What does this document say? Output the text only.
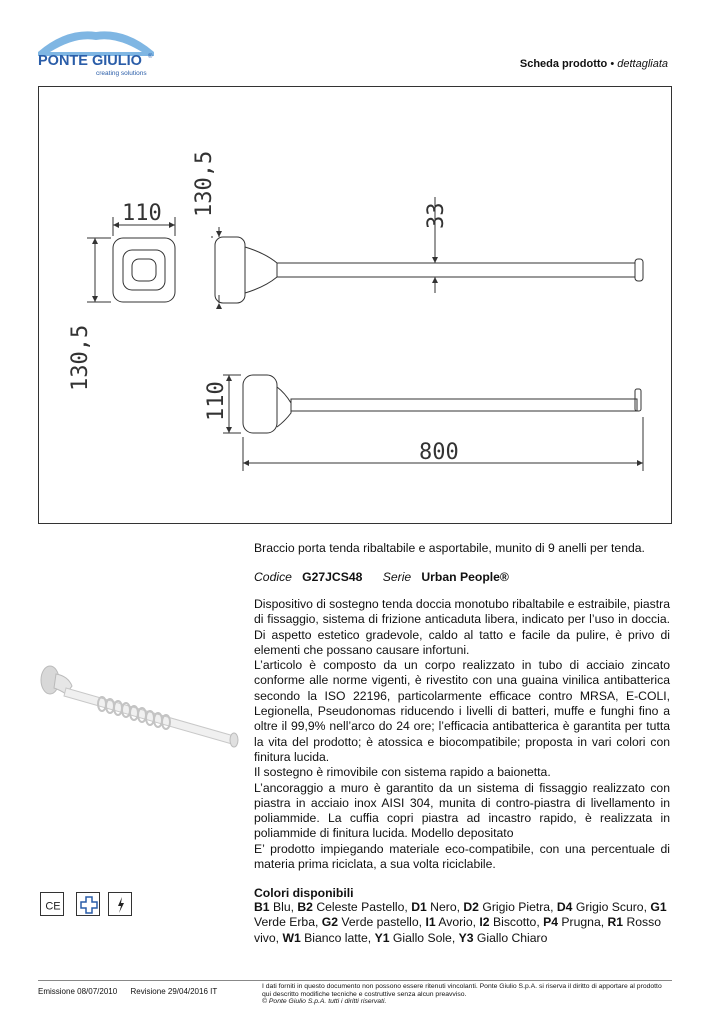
PONTE GIULIO ®
creating solutions
Scheda prodotto • dettagliata
110 130,5	33
130,5
110
800
Braccio porta tenda ribaltabile e asportabile, munito di 9 anelli per tenda.
Codice G27JCS48 Serie Urban People®

Dispositivo di sostegno tenda doccia monotubo ribaltabile e estraibile, piastra di fissaggio, sistema di frizione anticaduta libera, indicato per l’uso in doccia. Di aspetto estetico gradevole, caldo al tatto e facile da pulire, è privo di elementi che possano causare infortuni.

L’articolo è composto da un corpo realizzato in tubo di acciaio zincato conforme alle norme vigenti, è rivestito con una guaina vinilica antibatterica secondo la ISO 22196, particolarmente efficace contro MRSA, E-COLI, Legionella, Pseudonomas riducendo i livelli di batteri, muffe e funghi fino a oltre il 99,9% nell’arco do 24 ore; l’efficacia antibatterica è garantita per tutta la vita del prodotto; è atossica e biocompatibile; proposta in vari colori con finitura lucida.

Il sostegno è rimovibile con sistema rapido a baionetta.

L’ancoraggio a muro è garantito da un sistema di fissaggio realizzato con piastra in acciaio inox AISI 304, munita di contro-piastra di livellamento in poliammide. La cuffia copri piastra ad incastro rapido, è realizzata in poliammide di finitura lucida. Modello depositato

E’ prodotto impiegando materiale eco-compatibile, con una percentuale di materia prima riciclata, a sua volta riciclabile.

Colori disponibili
B1 Blu, B2 Celeste Pastello, D1 Nero, D2 Grigio Pietra, D4 Grigio Scuro, G1 Verde Erba, G2 Verde pastello, I1 Avorio, I2 Biscotto, P4 Prugna, R1 Rosso vivo, W1 Bianco latte, Y1 Giallo Sole, Y3 Giallo Chiaro
CE
Emissione 08/07/2010 Revisione 29/04/2016 IT
I dati forniti in questo documento non possono essere ritenuti vincolanti. Ponte Giulio S.p.A. si riserva il diritto di apportare al prodotto qui descritto modifiche tecniche e costruttive senza alcun preavviso.
© Ponte Giulio S.p.A. tutti i diritti riservati.
